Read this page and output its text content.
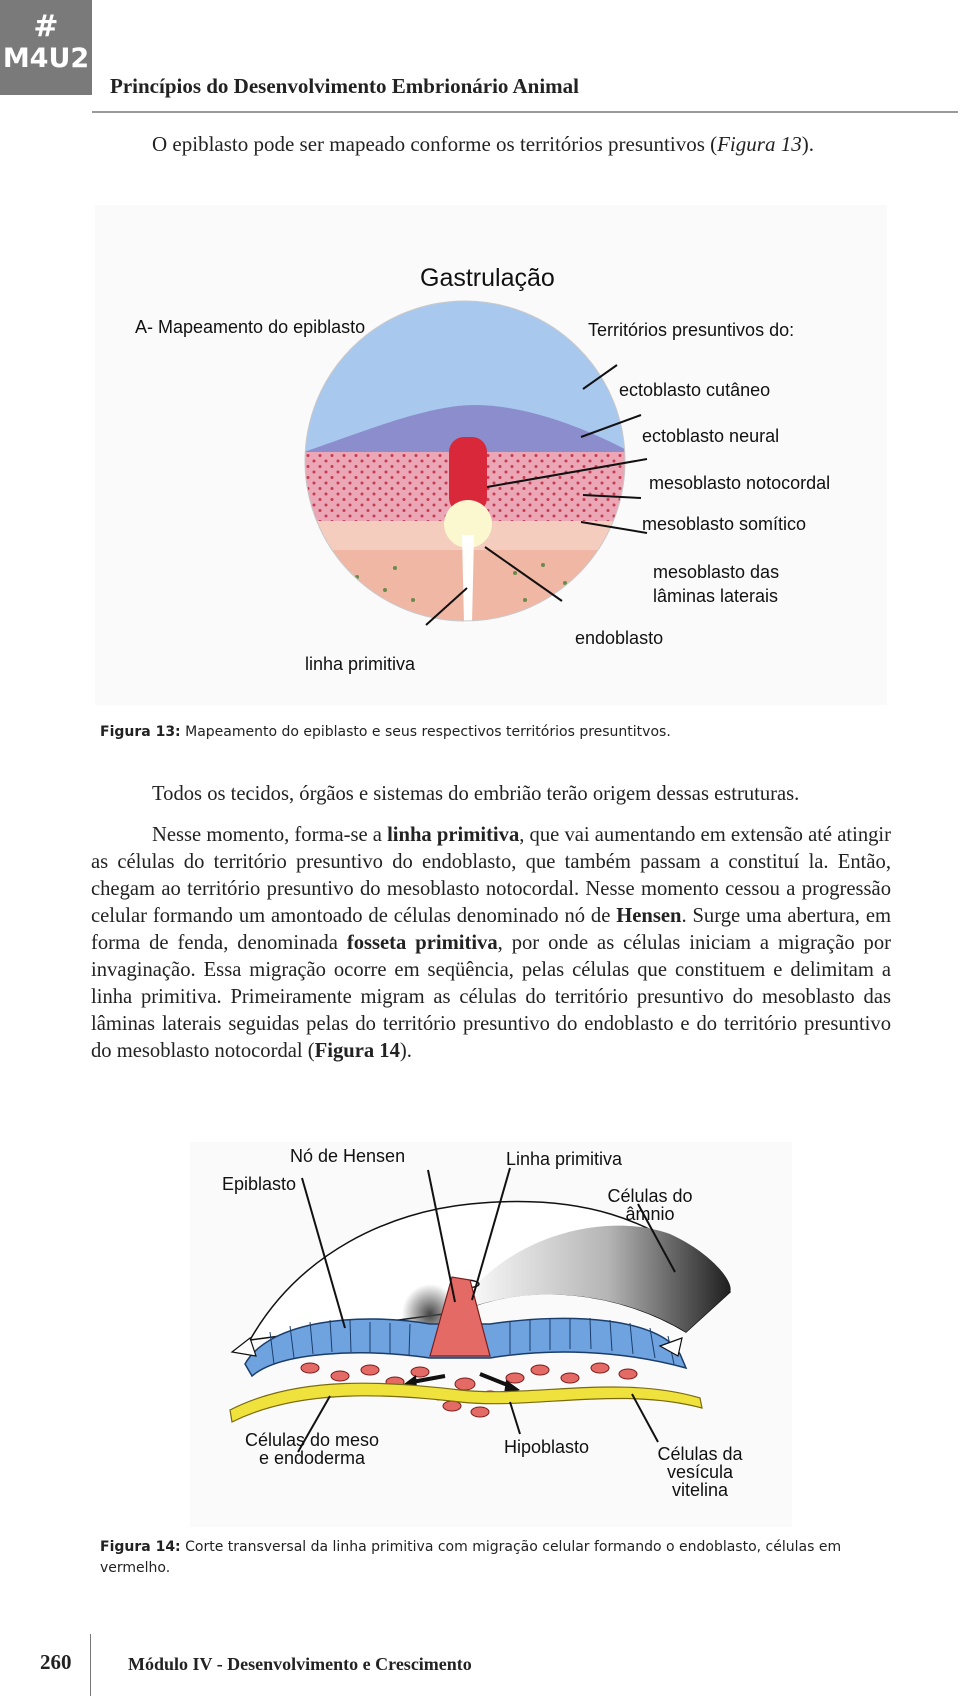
#
M4U2
Princípios do Desenvolvimento Embrionário Animal
O epiblasto pode ser mapeado conforme os territórios presuntivos (Figura 13).
Gastrulação
A- Mapeamento do epiblasto	Territórios presuntivos do:
ectoblasto cutâneo
ectoblasto neural
mesoblasto notocordal
mesoblasto somítico
mesoblasto das
lâminas laterais
endoblasto
linha primitiva
Figura 13: Mapeamento do epiblasto e seus respectivos territórios presuntitvos.
Todos os tecidos, órgãos e sistemas do embrião terão origem dessas estruturas.
Nesse momento, forma-se a linha primitiva, que vai aumentando em extensão até atingir as células do território presuntivo do endoblasto, que também passam a constituí la. Então, chegam ao território presuntivo do mesoblasto notocordal. Nesse momento cessou a progressão celular formando um amontoado de células denominado nó de Hensen. Surge uma abertura, em forma de fenda, denominada fosseta primitiva, por onde as células iniciam a migração por invaginação. Essa migração ocorre em seqüência, pelas células que constituem e delimitam a linha primitiva. Primeiramente migram as células do território presuntivo do mesoblasto das lâminas laterais seguidas pelas do território presuntivo do endoblasto e do território presuntivo do mesoblasto notocordal (Figura 14).
Nó de Hensen	Linha primitiva
Epiblasto
Células do
âmnio
Células do meso
e endoderma
Hipoblasto	Células da
vesícula
vitelina
Figura 14: Corte transversal da linha primitiva com migração celular formando o endoblasto, células em vermelho.
260	Módulo IV - Desenvolvimento e Crescimento
